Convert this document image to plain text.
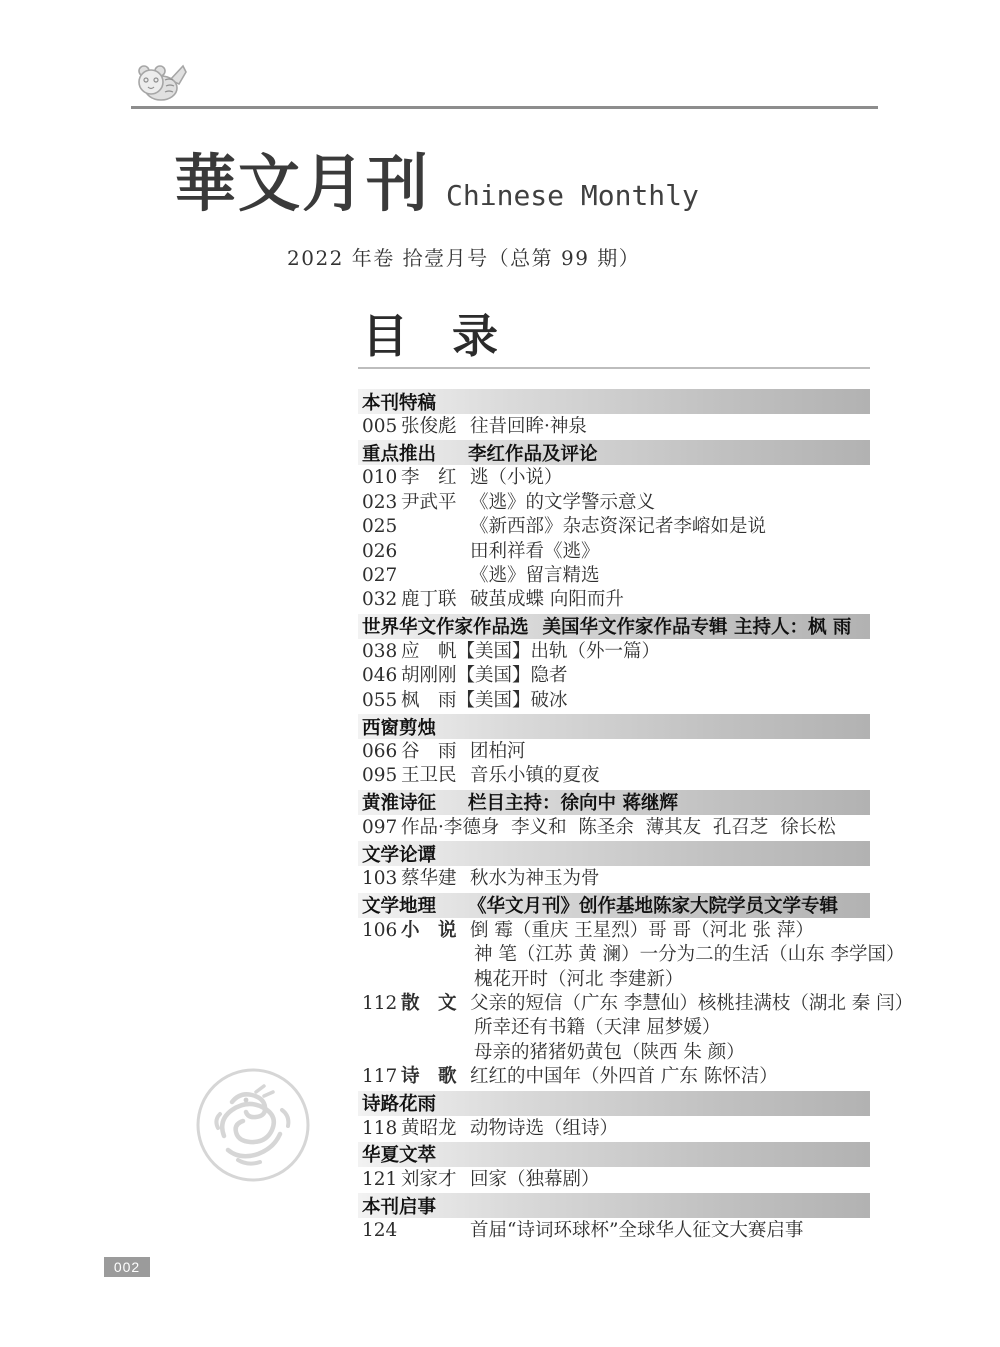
華文月刊 Chinese Monthly
2022 年卷 拾壹月号（总第 99 期）
目 录
本刊特稿
005 张俊彪 往昔回眸·神泉
重点推出	李红作品及评论
010 李　红 逃（小说）
023 尹武平 《逃》的文学警示意义
025	《新西部》杂志资深记者李嵱如是说
026	田利祥看《逃》
027	《逃》留言精选
032 鹿丁联 破茧成蝶 向阳而升
世界华文作家作品选 美国华文作家作品专辑 主持人：枫 雨
038 应　帆 【美国】出轨（外一篇）
046 胡刚刚 【美国】隐者
055 枫　雨 【美国】破冰
西窗剪烛
066 谷　雨 团柏河
095 王卫民 音乐小镇的夏夜
黄淮诗征	栏目主持：徐向中 蒋继辉
097 作品·李德身  李义和  陈圣余  薄其友  孔召芝  徐长松
文学论谭
103 蔡华建 秋水为神玉为骨
文学地理	《华文月刊》创作基地陈家大院学员文学专辑
106 小　说 倒 霉（重庆 王星烈）哥 哥（河北 张 萍）
神 笔（江苏 黄 澜）一分为二的生活（山东 李学国）
槐花开时（河北 李建新）
112 散　文 父亲的短信（广东 李慧仙）核桃挂满枝（湖北 秦 闫）
所幸还有书籍（天津 屈梦媛）
母亲的猪猪奶黄包（陕西 朱 颜）
117 诗　歌 红红的中国年（外四首 广东 陈怀洁）
诗路花雨
118 黄昭龙 动物诗选（组诗）
华夏文萃
121 刘家才 回家（独幕剧）
本刊启事
124	首届“诗词环球杯”全球华人征文大赛启事
002
